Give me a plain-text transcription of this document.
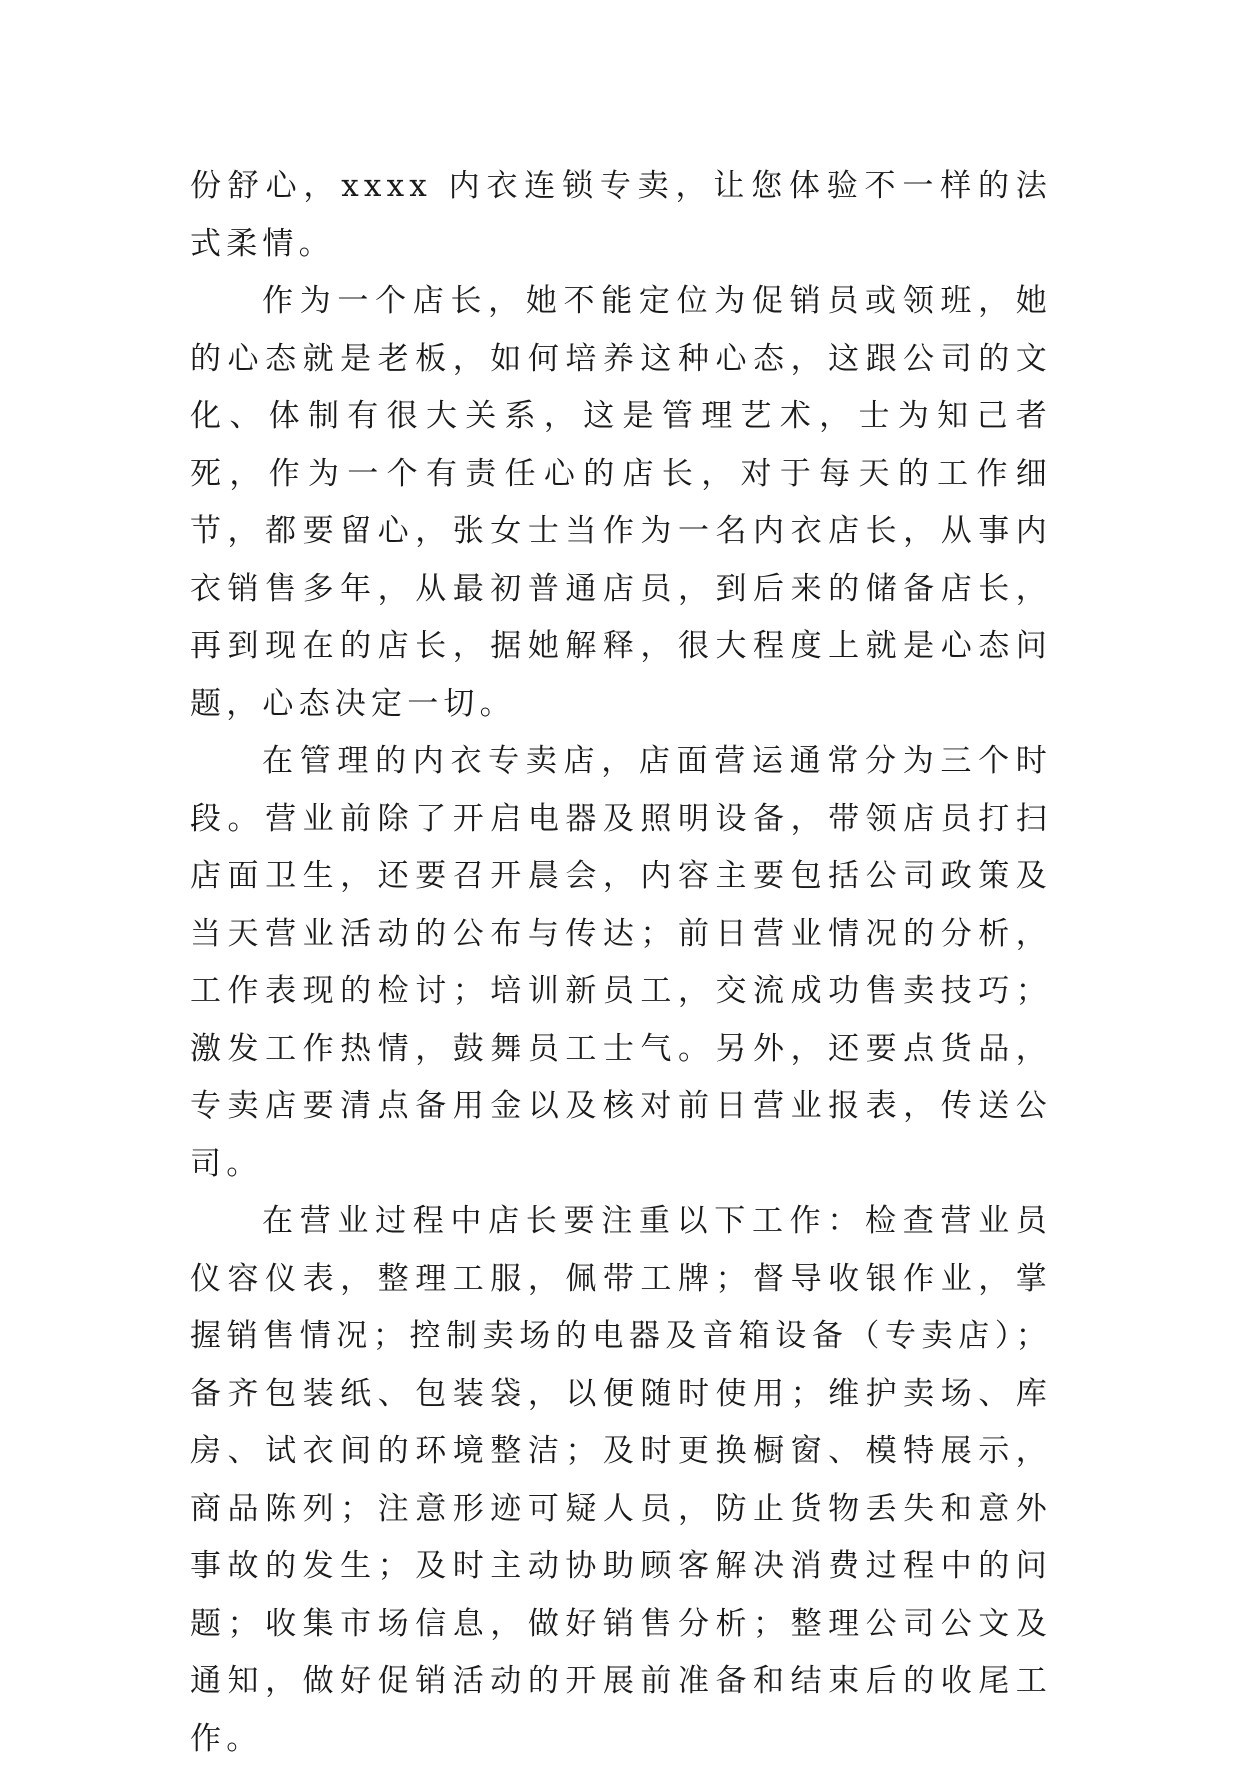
份舒心，xxxx 内衣连锁专卖，让您体验不一样的法式柔情。

作为一个店长，她不能定位为促销员或领班，她的心态就是老板，如何培养这种心态，这跟公司的文化、体制有很大关系，这是管理艺术，士为知己者死，作为一个有责任心的店长，对于每天的工作细节，都要留心，张女士当作为一名内衣店长，从事内衣销售多年，从最初普通店员，到后来的储备店长，再到现在的店长，据她解释，很大程度上就是心态问题，心态决定一切。

在管理的内衣专卖店，店面营运通常分为三个时段。营业前除了开启电器及照明设备，带领店员打扫店面卫生，还要召开晨会，内容主要包括公司政策及当天营业活动的公布与传达；前日营业情况的分析，工作表现的检讨；培训新员工，交流成功售卖技巧；激发工作热情，鼓舞员工士气。另外，还要点货品，专卖店要清点备用金以及核对前日营业报表，传送公司。

在营业过程中店长要注重以下工作：检查营业员仪容仪表，整理工服，佩带工牌；督导收银作业，掌握销售情况；控制卖场的电器及音箱设备（专卖店）；备齐包装纸、包装袋，以便随时使用；维护卖场、库房、试衣间的环境整洁；及时更换橱窗、模特展示，商品陈列；注意形迹可疑人员，防止货物丢失和意外事故的发生；及时主动协助顾客解决消费过程中的问题；收集市场信息，做好销售分析；整理公司公文及通知，做好促销活动的开展前准备和结束后的收尾工作。
